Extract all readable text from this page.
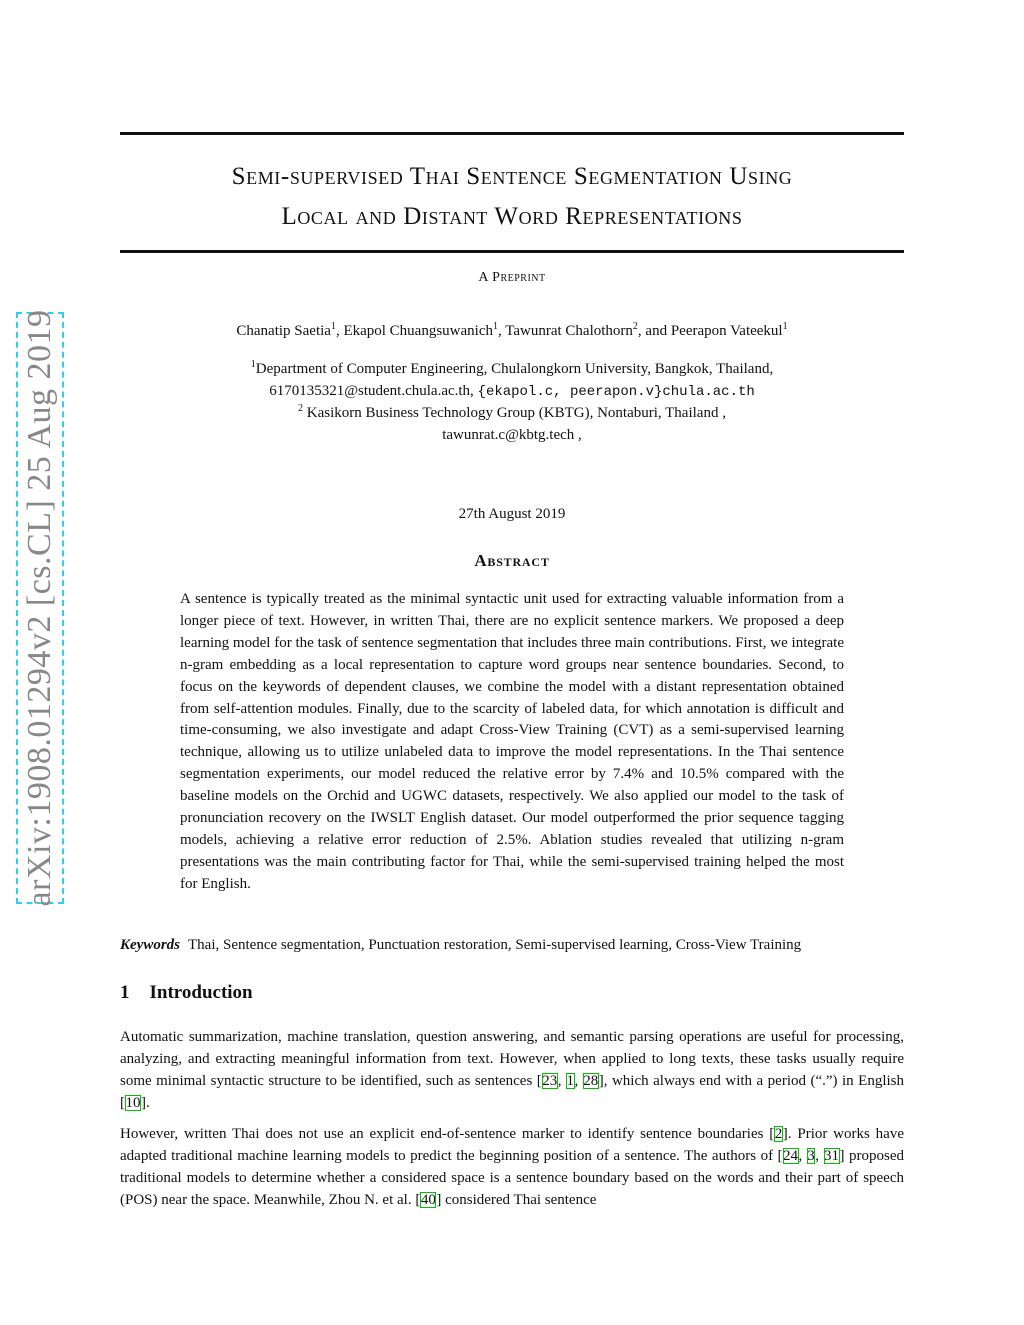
arXiv:1908.01294v2 [cs.CL] 25 Aug 2019
Semi-supervised Thai Sentence Segmentation Using
Local and Distant Word Representations
A Preprint
Chanatip Saetia$^1$, Ekapol Chuangsuwanich$^1$, Tawunrat Chalothorn$^2$, and Peerapon Vateekul$^1$
$^1$Department of Computer Engineering, Chulalongkorn University, Bangkok, Thailand,
6170135321@student.chula.ac.th, {ekapol.c, peerapon.v}chula.ac.th
$^2$ Kasikorn Business Technology Group (KBTG), Nontaburi, Thailand ,
tawunrat.c@kbtg.tech ,
27th August 2019
Abstract
A sentence is typically treated as the minimal syntactic unit used for extracting valuable information from a longer piece of text. However, in written Thai, there are no explicit sentence markers. We proposed a deep learning model for the task of sentence segmentation that includes three main contributions. First, we integrate n-gram embedding as a local representation to capture word groups near sentence boundaries. Second, to focus on the keywords of dependent clauses, we combine the model with a distant representation obtained from self-attention modules. Finally, due to the scarcity of labeled data, for which annotation is difficult and time-consuming, we also investigate and adapt Cross-View Training (CVT) as a semi-supervised learning technique, allowing us to utilize unlabeled data to improve the model representations. In the Thai sentence segmentation experiments, our model reduced the relative error by 7.4% and 10.5% compared with the baseline models on the Orchid and UGWC datasets, respectively. We also applied our model to the task of pronunciation recovery on the IWSLT English dataset. Our model outperformed the prior sequence tagging models, achieving a relative error reduction of 2.5%. Ablation studies revealed that utilizing n-gram presentations was the main contributing factor for Thai, while the semi-supervised training helped the most for English.
Keywords Thai, Sentence segmentation, Punctuation restoration, Semi-supervised learning, Cross-View Training
1 Introduction
Automatic summarization, machine translation, question answering, and semantic parsing operations are useful for processing, analyzing, and extracting meaningful information from text. However, when applied to long texts, these tasks usually require some minimal syntactic structure to be identified, such as sentences [23, 1, 28], which always end with a period (“.”) in English [10].
However, written Thai does not use an explicit end-of-sentence marker to identify sentence boundaries [2]. Prior works have adapted traditional machine learning models to predict the beginning position of a sentence. The authors of [24, 3, 31] proposed traditional models to determine whether a considered space is a sentence boundary based on the words and their part of speech (POS) near the space. Meanwhile, Zhou N. et al. [40] considered Thai sentence
